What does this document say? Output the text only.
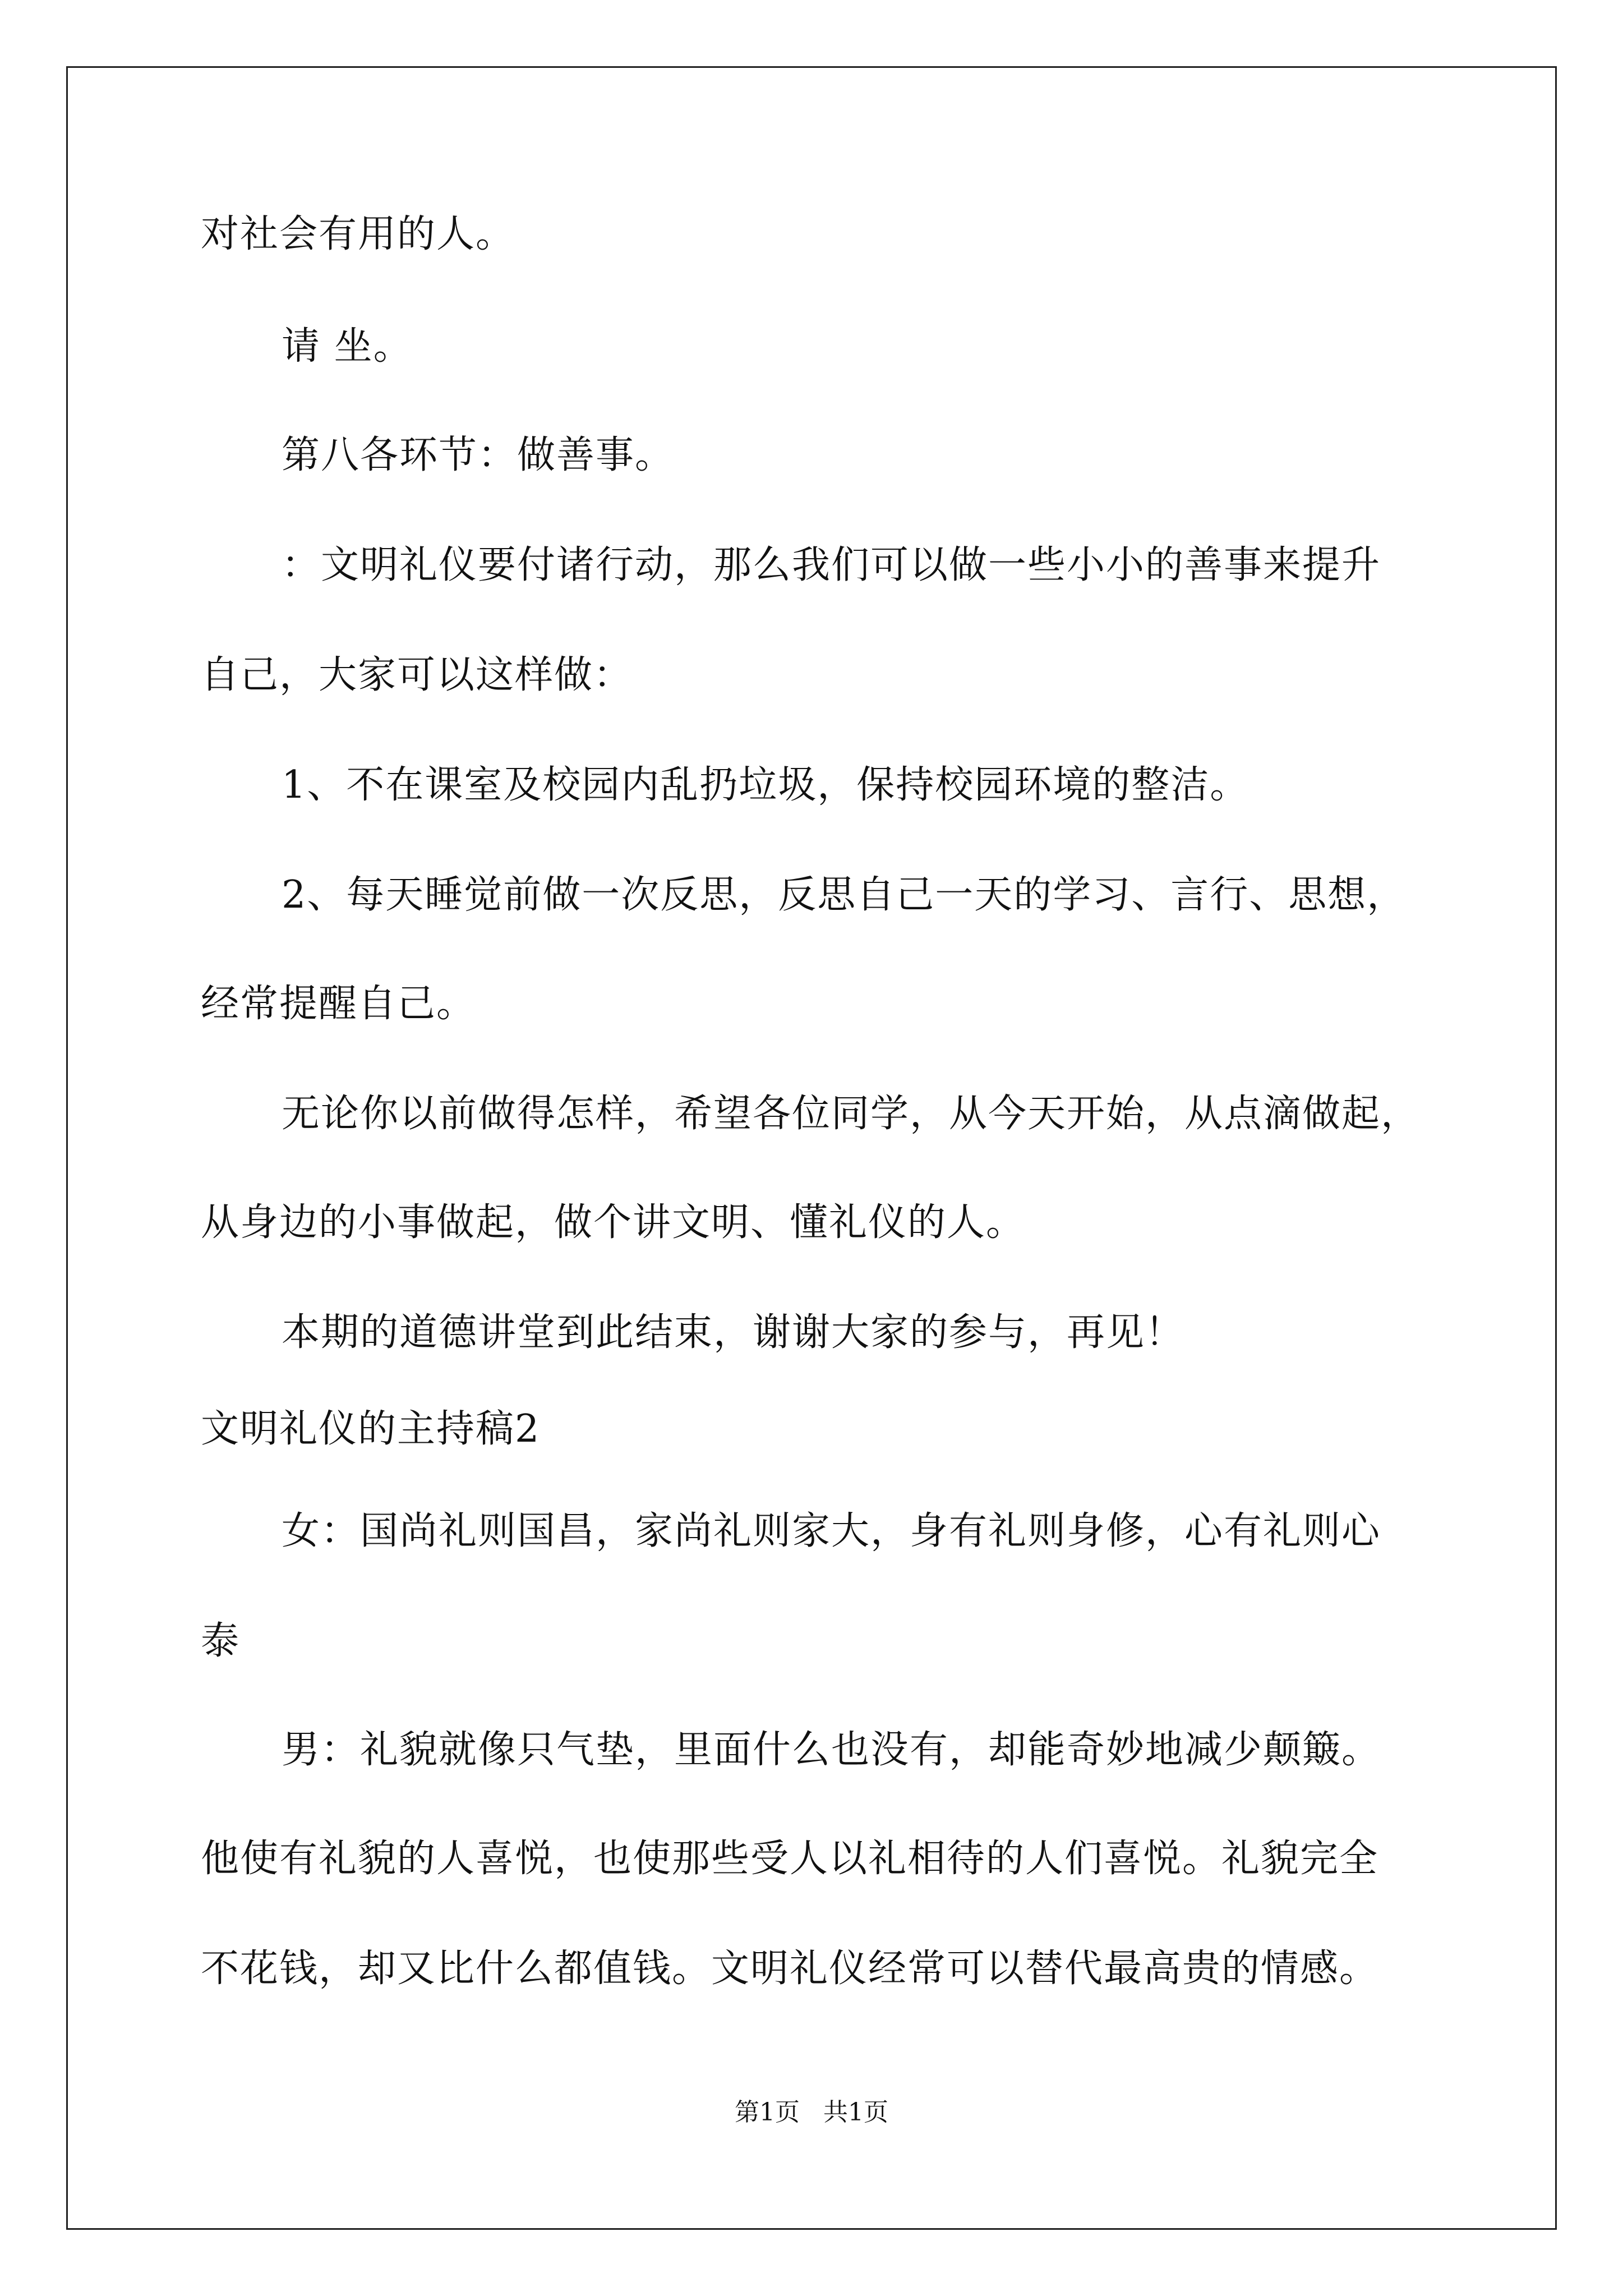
对社会有用的人。
请 坐。
第八各环节：做善事。
：文明礼仪要付诸行动，那么我们可以做一些小小的善事来提升
自己，大家可以这样做：
1、不在课室及校园内乱扔垃圾，保持校园环境的整洁。
2、每天睡觉前做一次反思，反思自己一天的学习、言行、思想，
经常提醒自己。
无论你以前做得怎样，希望各位同学，从今天开始，从点滴做起，
从身边的小事做起，做个讲文明、懂礼仪的人。
本期的道德讲堂到此结束，谢谢大家的参与，再见！
文明礼仪的主持稿2
女：国尚礼则国昌，家尚礼则家大，身有礼则身修，心有礼则心
泰
男：礼貌就像只气垫，里面什么也没有，却能奇妙地减少颠簸。
他使有礼貌的人喜悦，也使那些受人以礼相待的人们喜悦。礼貌完全
不花钱，却又比什么都值钱。文明礼仪经常可以替代最高贵的情感。
第1页   共1页
